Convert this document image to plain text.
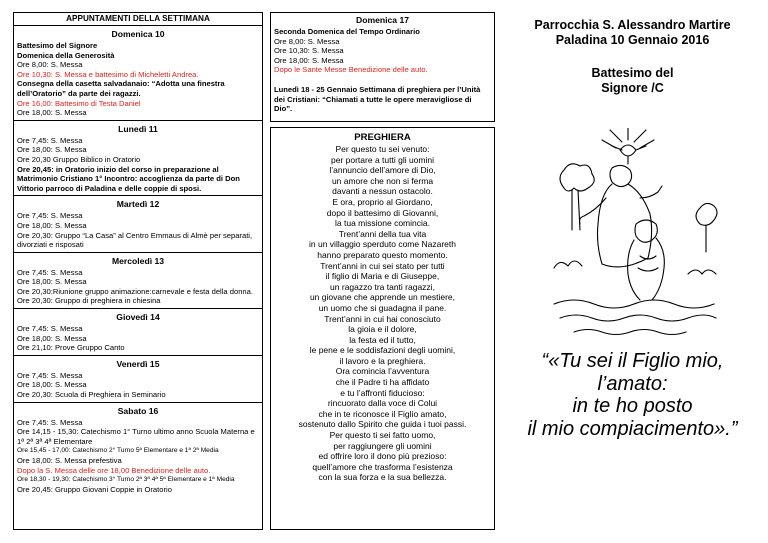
APPUNTAMENTI DELLA SETTIMANA
Domenica 10
Battesimo del Signore
Domenica della Generosità
Ore 8,00: S. Messa
Ore 10,30: S. Messa e battesimo di Micheletti Andrea.
Consegna della casetta salvadanaio: “Adotta una finestra dell’Oratorio” da parte dei ragazzi.
Ore 16,00: Battesimo di Testa Daniel
Ore 18,00: S. Messa
Lunedì 11
Ore 7,45: S. Messa
Ore 18,00: S. Messa
Ore 20,30 Gruppo Biblico in Oratorio
Ore 20,45: in Oratorio inizio del corso in preparazione al Matrimonio Cristiano 1° Incontro: accoglienza da parte di Don Vittorio parroco di Paladina e delle coppie di sposi.
Martedì 12
Ore 7,45: S. Messa
Ore 18,00: S. Messa
Ore 20,30: Gruppo “La Casa” al Centro Emmaus di Almè per separati, divorziati e risposati
Mercoledì 13
Ore 7,45: S. Messa
Ore 18,00: S. Messa
Ore 20,30:Riunione gruppo animazione:carnevale e festa della donna.
Ore 20,30: Gruppo di preghiera in chiesina
Giovedì 14
Ore 7,45: S. Messa
Ore 18,00: S. Messa
Ore 21,10: Prove Gruppo Canto
Venerdì 15
Ore 7,45: S. Messa
Ore 18,00: S. Messa
Ore 20,30: Scuola di Preghiera in Seminario
Sabato 16
Ore 7,45: S. Messa
Ore 14,15 - 15,30: Catechismo 1° Turno ultimo anno Scuola Materna e 1ª 2ª 3ª 4ª Elementare
Ore 15,45 - 17,00: Catechismo 2° Turno 5ª Elementare e 1ª 2ª Media
Ore 18,00: S. Messa prefestiva
Dopo la S. Messa delle ore 18,00 Benedizione delle auto.
Ore 18,30 - 19,30: Catechismo 3° Turno 2ª 3ª 4ª 5ª Elementare e 1ª Media
Ore 20,45: Gruppo Giovani Coppie in Oratorio
Domenica 17
Seconda Domenica del Tempo Ordinario
Ore 8,00: S. Messa
Ore 10,30: S. Messa
Ore 18,00: S. Messa
Dopo le Sante Messe Benedizione delle auto.
Lunedì 18 - 25 Gennaio Settimana di preghiera per l’Unità dei Cristiani: “Chiamati a tutte le opere meravigliose di Dio”.
PREGHIERA
Per questo tu sei venuto:
per portare a tutti gli uomini
l’annuncio dell’amore di Dio,
un amore che non si ferma
davanti a nessun ostacolo.
E ora, proprio al Giordano,
dopo il battesimo di Giovanni,
la tua missione comincia.
Trent’anni della tua vita
in un villaggio sperduto come Nazareth
hanno preparato questo momento.
Trent’anni in cui sei stato per tutti
il figlio di Maria e di Giuseppe,
un ragazzo tra tanti ragazzi,
un giovane che apprende un mestiere,
un uomo che si guadagna il pane.
Trent’anni in cui hai conosciuto
la gioia e il dolore,
la festa ed il tutto,
le pene e le soddisfazioni degli uomini,
il lavoro e la preghiera.
Ora comincia l’avventura
che il Padre ti ha affidato
e tu l’affronti fiducioso:
rincuorato dalla voce di Colui
che in te riconosce il Figlio amato,
sostenuto dallo Spirito che guida i tuoi passi.
Per questo ti sei fatto uomo,
per raggiungere gli uomini
ed offrire loro il dono più prezioso:
quell’amore che trasforma l’esistenza
con la sua forza e la sua bellezza.
Parrocchia S. Alessandro Martire
Paladina 10 Gennaio 2016
Battesimo del
Signore /C
“«Tu sei il Figlio mio,
l’amato:
in te ho posto
il mio compiacimento».”
